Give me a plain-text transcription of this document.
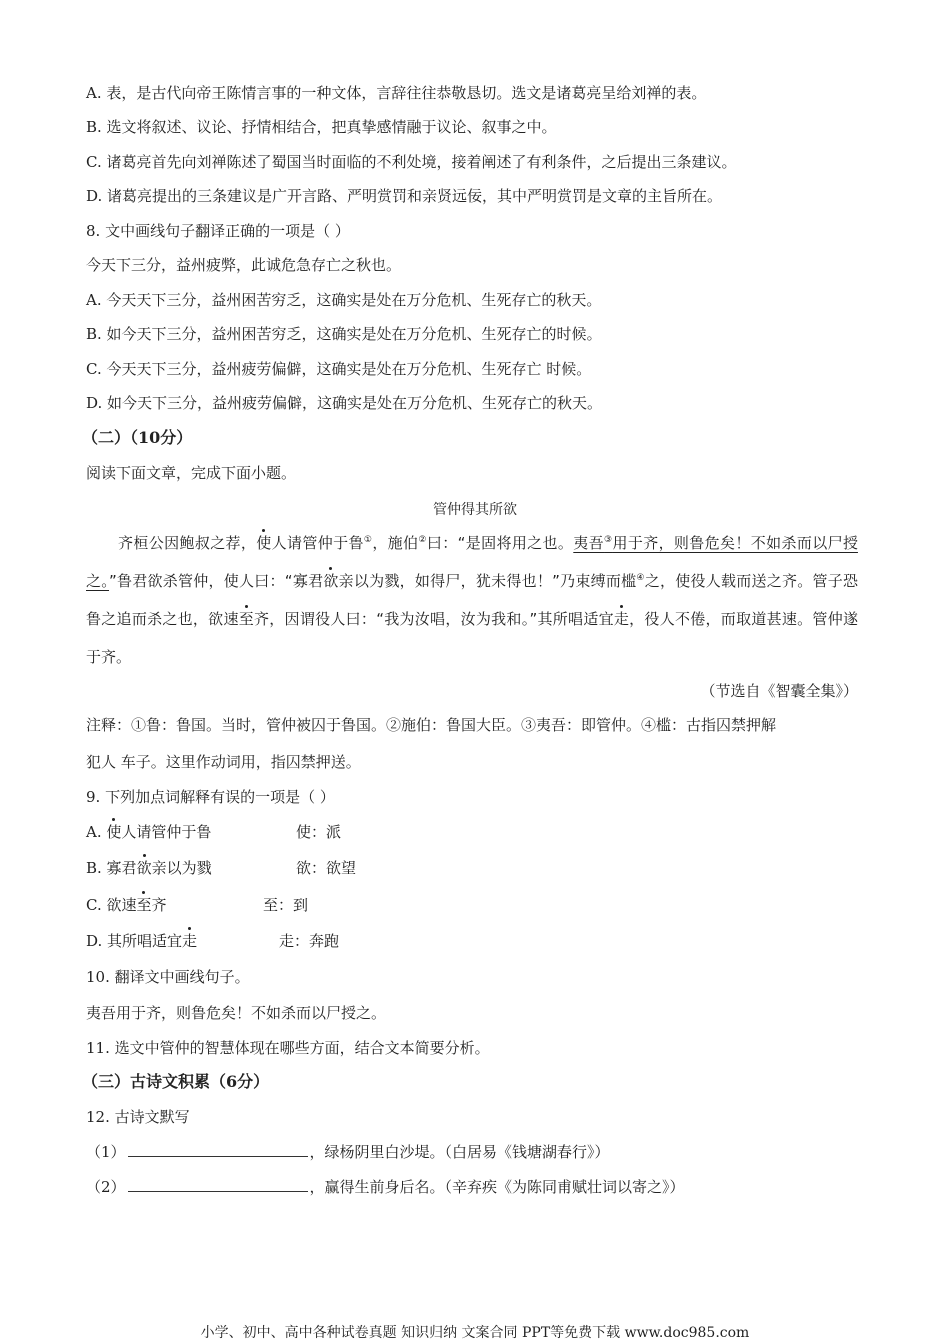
A. 表，是古代向帝王陈情言事的一种文体，言辞往往恭敬恳切。选文是诸葛亮呈给刘禅的表。
B. 选文将叙述、议论、抒情相结合，把真挚感情融于议论、叙事之中。
C. 诸葛亮首先向刘禅陈述了蜀国当时面临的不利处境，接着阐述了有利条件，之后提出三条建议。
D. 诸葛亮提出的三条建议是广开言路、严明赏罚和亲贤远佞，其中严明赏罚是文章的主旨所在。
8. 文中画线句子翻译正确的一项是（ ）
今天下三分，益州疲弊，此诚危急存亡之秋也。
A. 今天天下三分，益州困苦穷乏，这确实是处在万分危机、生死存亡的秋天。
B. 如今天下三分，益州困苦穷乏，这确实是处在万分危机、生死存亡的时候。
C. 今天天下三分，益州疲劳偏僻，这确实是处在万分危机、生死存亡 时候。
D. 如今天下三分，益州疲劳偏僻，这确实是处在万分危机、生死存亡的秋天。
（二）（10分）
阅读下面文章，完成下面小题。
管仲得其所欲
齐桓公因鲍叔之荐，使人请管仲于鲁①，施伯②曰：“是固将用之也。夷吾③用于齐，则鲁危矣！不如杀而以尸授之。”鲁君欲杀管仲，使人曰：“寡君欲亲以为戮，如得尸，犹未得也！”乃束缚而槛④之，使役人载而送之齐。管子恐鲁之追而杀之也，欲速至齐，因谓役人曰：“我为汝唱，汝为我和。”其所唱适宜走，役人不倦，而取道甚速。管仲遂于齐。
（节选自《智囊全集》）
注释：①鲁：鲁国。当时，管仲被囚于鲁国。②施伯：鲁国大臣。③夷吾：即管仲。④槛：古指囚禁押解
犯人 车子。这里作动词用，指囚禁押送。
9. 下列加点词解释有误的一项是（ ）
A. 使人请管仲于鲁	使：派
B. 寡君欲亲以为戮	欲：欲望
C. 欲速至齐	至：到
D. 其所唱适宜走	走：奔跑
10. 翻译文中画线句子。
夷吾用于齐，则鲁危矣！不如杀而以尸授之。
11. 选文中管仲的智慧体现在哪些方面，结合文本简要分析。
（三）古诗文积累（6分）
12. 古诗文默写
（1）	，绿杨阴里白沙堤。（白居易《钱塘湖春行》）
（2）	，赢得生前身后名。（辛弃疾《为陈同甫赋壮词以寄之》）
小学、初中、高中各种试卷真题 知识归纳 文案合同 PPT等免费下载 www.doc985.com
